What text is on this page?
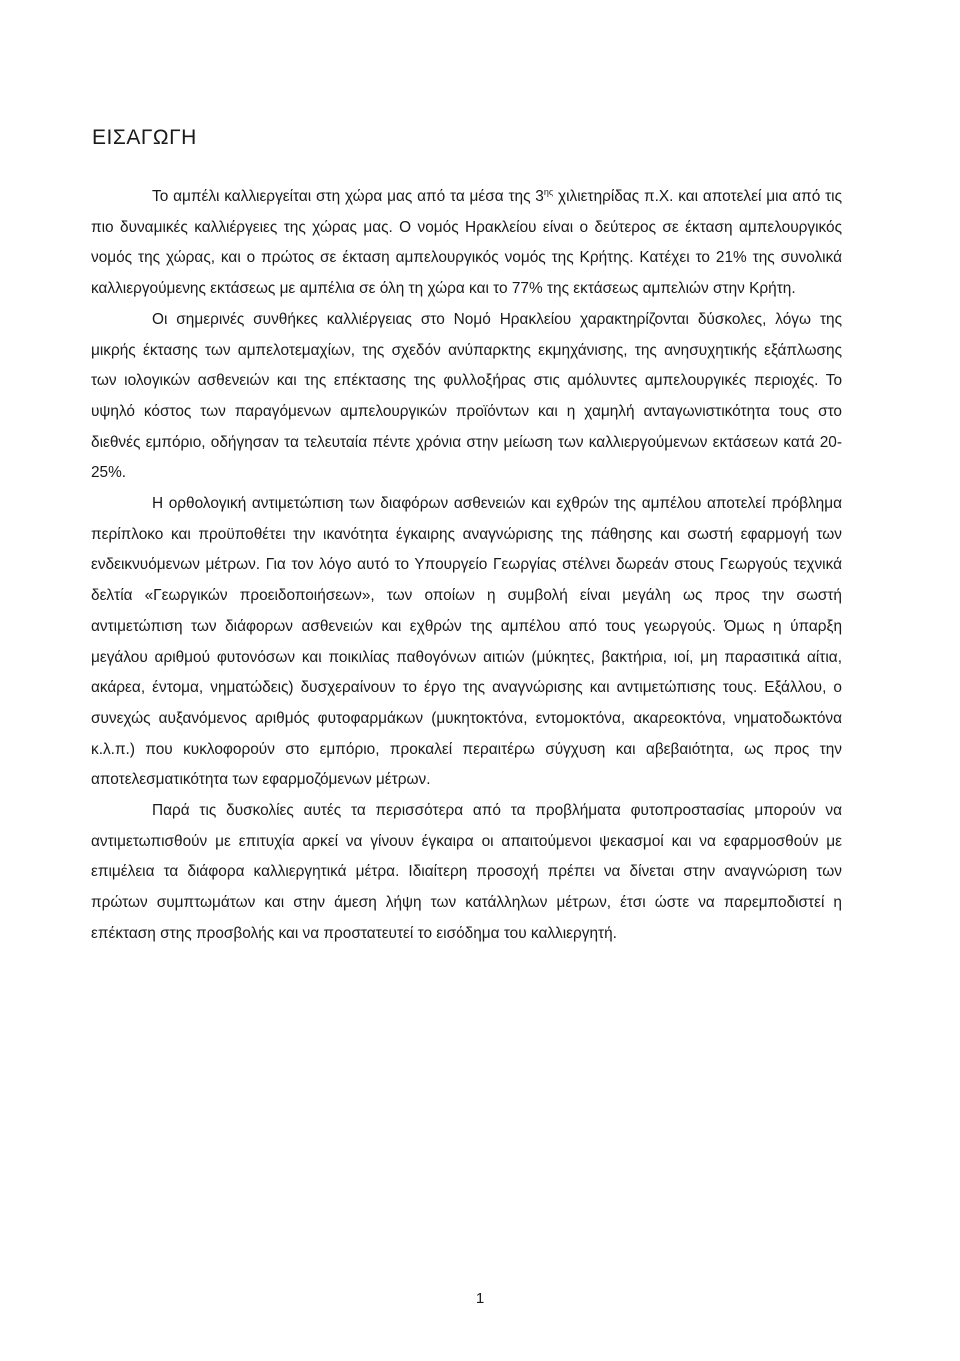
ΕΙΣΑΓΩΓΗ

Το αμπέλι καλλιεργείται στη χώρα μας από τα μέσα της $3^{\eta\varsigma}$ χιλιετηρίδας π.Χ. και αποτελεί μια από τις πιο δυναμικές καλλιέργειες της χώρας μας. Ο νομός Ηρακλείου είναι ο δεύτερος σε έκταση αμπελουργικός νομός της χώρας, και ο πρώτος σε έκταση αμπελουργικός νομός της Κρήτης. Κατέχει το 21% της συνολικά καλλιεργούμενης εκτάσεως με αμπέλια σε όλη τη χώρα και το 77% της εκτάσεως αμπελιών στην Κρήτη.

Οι σημερινές συνθήκες καλλιέργειας στο Νομό Ηρακλείου χαρακτηρίζονται δύσκολες, λόγω της μικρής έκτασης των αμπελοτεμαχίων, της σχεδόν ανύπαρκτης εκμηχάνισης, της ανησυχητικής εξάπλωσης των ιολογικών ασθενειών και της επέκτασης της φυλλοξήρας στις αμόλυντες αμπελουργικές περιοχές. Το υψηλό κόστος των παραγόμενων αμπελουργικών προϊόντων και η χαμηλή ανταγωνιστικότητα τους στο διεθνές εμπόριο, οδήγησαν τα τελευταία πέντε χρόνια στην μείωση των καλλιεργούμενων εκτάσεων κατά 20-25%.

Η ορθολογική αντιμετώπιση των διαφόρων ασθενειών και εχθρών της αμπέλου αποτελεί πρόβλημα περίπλοκο και προϋποθέτει την ικανότητα έγκαιρης αναγνώρισης της πάθησης και σωστή εφαρμογή των ενδεικνυόμενων μέτρων. Για τον λόγο αυτό το Υπουργείο Γεωργίας στέλνει δωρεάν στους Γεωργούς τεχνικά δελτία «Γεωργικών προειδοποιήσεων», των οποίων η συμβολή είναι μεγάλη ως προς την σωστή αντιμετώπιση των διάφορων ασθενειών και εχθρών της αμπέλου από τους γεωργούς. Όμως η ύπαρξη μεγάλου αριθμού φυτονόσων και ποικιλίας παθογόνων αιτιών (μύκητες, βακτήρια, ιοί, μη παρασιτικά αίτια, ακάρεα, έντομα, νηματώδεις) δυσχεραίνουν το έργο της αναγνώρισης και αντιμετώπισης τους. Εξάλλου, ο συνεχώς αυξανόμενος αριθμός φυτοφαρμάκων (μυκητοκτόνα, εντομοκτόνα, ακαρεοκτόνα, νηματοδωκτόνα κ.λ.π.) που κυκλοφορούν στο εμπόριο, προκαλεί περαιτέρω σύγχυση και αβεβαιότητα, ως προς την αποτελεσματικότητα των εφαρμοζόμενων μέτρων.

Παρά τις δυσκολίες αυτές τα περισσότερα από τα προβλήματα φυτοπροστασίας μπορούν να αντιμετωπισθούν με επιτυχία αρκεί να γίνουν έγκαιρα οι απαιτούμενοι ψεκασμοί και να εφαρμοσθούν με επιμέλεια τα διάφορα καλλιεργητικά μέτρα. Ιδιαίτερη προσοχή πρέπει να δίνεται στην αναγνώριση των πρώτων συμπτωμάτων και στην άμεση λήψη των κατάλληλων μέτρων, έτσι ώστε να παρεμποδιστεί η επέκταση στης προσβολής και να προστατευτεί το εισόδημα του καλλιεργητή.

1
